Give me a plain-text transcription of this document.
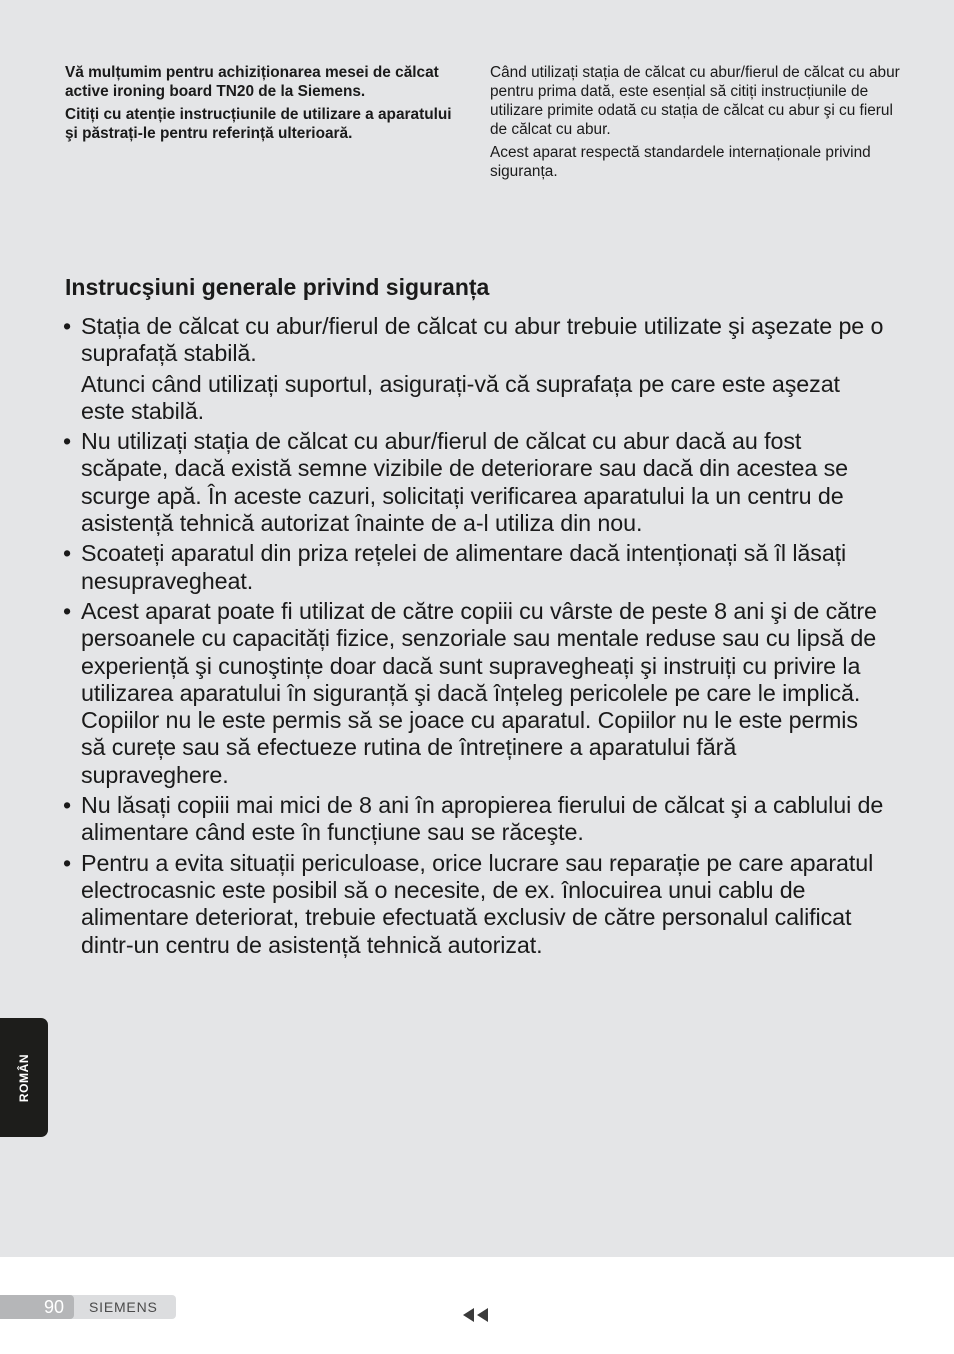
Vă mulțumim pentru achiziționarea mesei de călcat active ironing board TN20 de la Siemens.

Citiți cu atenție instrucțiunile de utilizare a aparatului şi păstrați-le pentru referință ulterioară.

Când utilizați stația de călcat cu abur/fierul de călcat cu abur pentru prima dată, este esențial să citiți instrucțiunile de utilizare primite odată cu stația de călcat cu abur şi cu fierul de călcat cu abur.

Acest aparat respectă standardele internaționale privind siguranța.

Instrucşiuni generale privind siguranța
• Stația de călcat cu abur/fierul de călcat cu abur trebuie utilizate şi aşezate pe o suprafață stabilă.

Atunci când utilizați suportul, asigurați-vă că suprafața pe care este aşezat este stabilă.

• Nu utilizați stația de călcat cu abur/fierul de călcat cu abur dacă au fost scăpate, dacă există semne vizibile de deteriorare sau dacă din acestea se scurge apă. În aceste cazuri, solicitați verificarea aparatului la un centru de asistență tehnică autorizat înainte de a-l utiliza din nou.

• Scoateți aparatul din priza rețelei de alimentare dacă intenționați să îl lăsați nesupravegheat.

• Acest aparat poate fi utilizat de către copiii cu vârste de peste 8 ani şi de către persoanele cu capacități fizice, senzoriale sau mentale reduse sau cu lipsă de experiență şi cunoştințe doar dacă sunt supravegheați şi instruiți cu privire la utilizarea aparatului în siguranță şi dacă înțeleg pericolele pe care le implică. Copiilor nu le este permis să se joace cu aparatul. Copiilor nu le este permis să curețe sau să efectueze rutina de întreținere a aparatului fără supraveghere.

• Nu lăsați copiii mai mici de 8 ani în apropierea fierului de călcat şi a cablului de alimentare când este în funcțiune sau se răceşte.

• Pentru a evita situații periculoase, orice lucrare sau reparație pe care aparatul electrocasnic este posibil să o necesite, de ex. înlocuirea unui cablu de alimentare deteriorat, trebuie efectuată exclusiv de către personalul calificat dintr-un centru de asistență tehnică autorizat.

ROMÂN
90 SIEMENS
